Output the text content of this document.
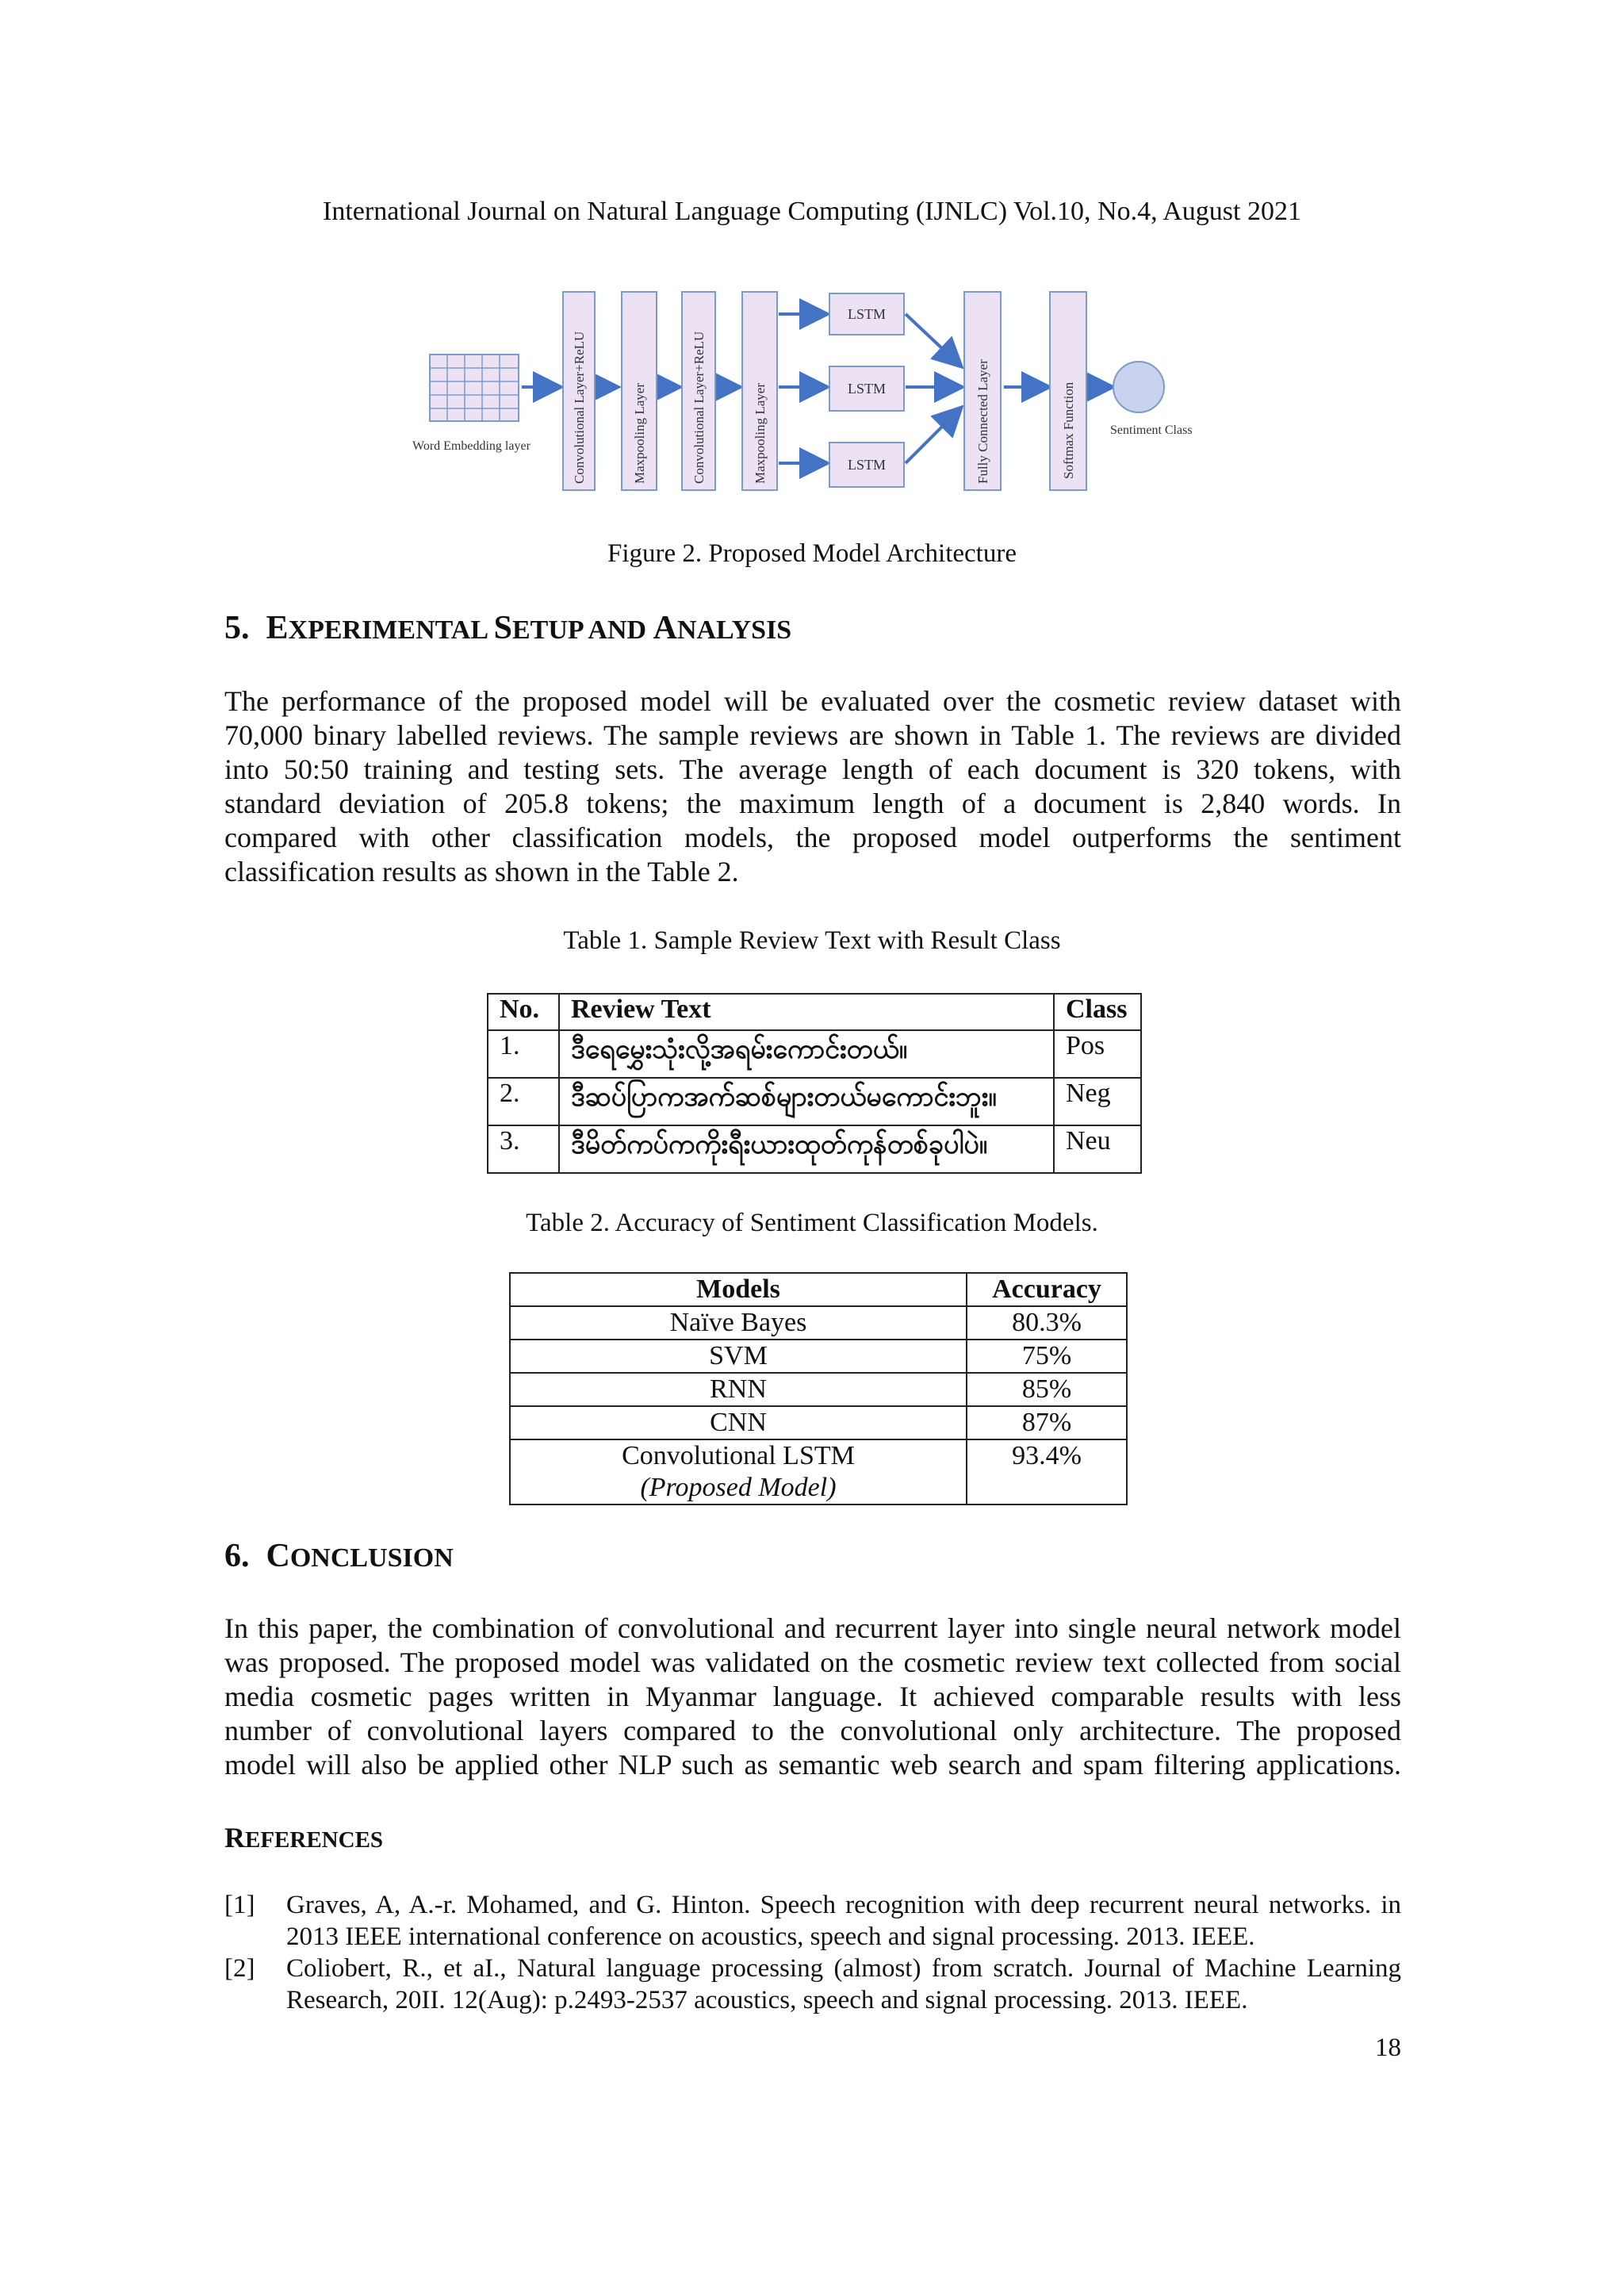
International Journal on Natural Language Computing (IJNLC) Vol.10, No.4, August 2021
Word Embedding layer	Convolutional Layer+ReLU	Maxpooling Layer	Convolutional Layer+ReLU	Maxpooling Layer
LSTM
LSTM
LSTM	Fully Connected Layer	Softmax Function	Sentiment Class
Figure 2. Proposed Model Architecture
5. EXPERIMENTAL SETUP AND ANALYSIS
The performance of the proposed model will be evaluated over the cosmetic review dataset with
70,000 binary labelled reviews. The sample reviews are shown in Table 1. The reviews are divided
into 50:50 training and testing sets. The average length of each document is 320 tokens, with
standard deviation of 205.8 tokens; the maximum length of a document is 2,840 words. In
compared with other classification models, the proposed model outperforms the sentiment
classification results as shown in the Table 2.
Table 1. Sample Review Text with Result Class
No.	Review Text	Class
1.	ဒီရေမွှေးသုံးလို့အရမ်းကောင်းတယ်။	Pos
2.	ဒီဆပ်ပြာကအက်ဆစ်များတယ်မကောင်းဘူး။	Neg
3.	ဒီမိတ်ကပ်ကကိုးရီးယားထုတ်ကုန်တစ်ခုပါပဲ။	Neu
Table 2. Accuracy of Sentiment Classification Models.
Models	Accuracy
Naïve Bayes	80.3%
SVM	75%
RNN	85%
CNN	87%

Convolutional LSTM
(Proposed Model)	93.4%
6. CONCLUSION
In this paper, the combination of convolutional and recurrent layer into single neural network model
was proposed. The proposed model was validated on the cosmetic review text collected from social
media cosmetic pages written in Myanmar language. It achieved comparable results with less
number of convolutional layers compared to the convolutional only architecture. The proposed
model will also be applied other NLP such as semantic web search and spam filtering applications.
REFERENCES
[1] Graves, A, A.-r. Mohamed, and G. Hinton. Speech recognition with deep recurrent neural networks. in 2013 IEEE international conference on acoustics, speech and signal processing. 2013. IEEE.
[2] Coliobert, R., et aI., Natural language processing (almost) from scratch. Journal of Machine Learning Research, 20II. 12(Aug): p.2493-2537 acoustics, speech and signal processing. 2013. IEEE.
18
